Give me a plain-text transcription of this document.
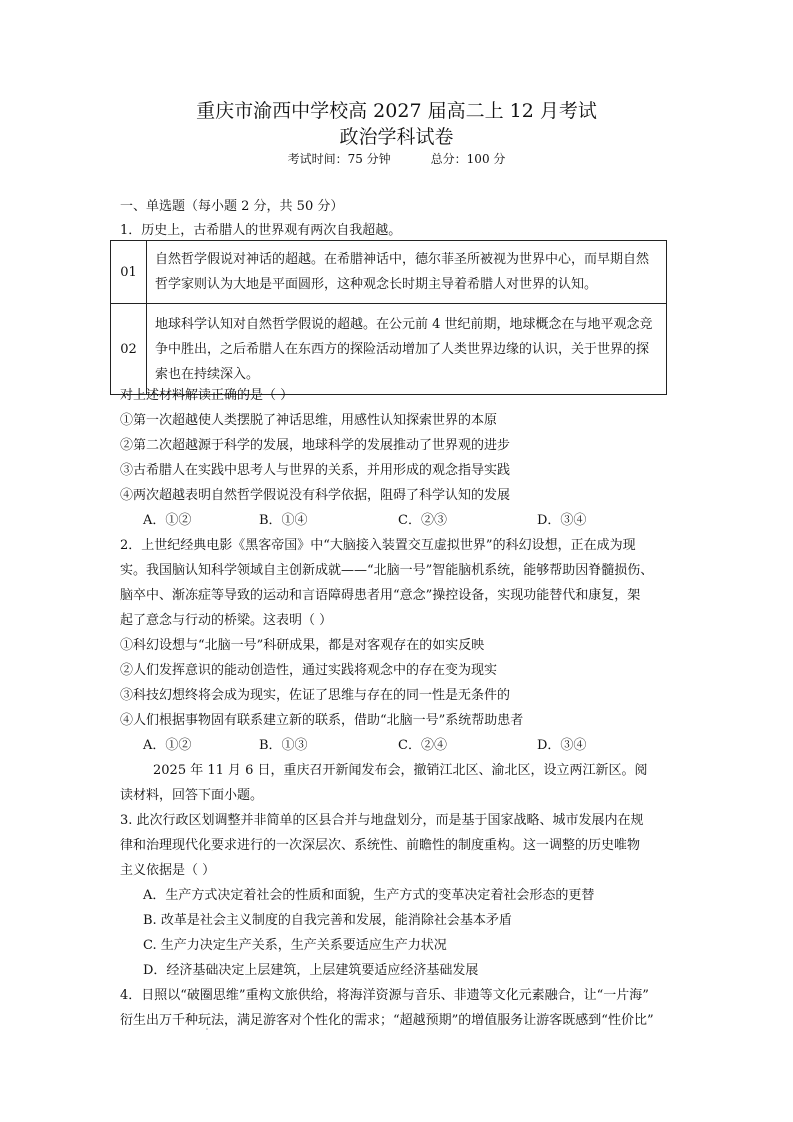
重庆市渝西中学校高 2027 届高二上 12 月考试
政治学科试卷
考试时间：75 分钟	总分：100 分
一、单选题（每小题 2 分，共 50 分）
1．历史上，古希腊人的世界观有两次自我超越。
01	自然哲学假说对神话的超越。在希腊神话中，德尔菲圣所被视为世界中心，而早期自然哲学家则认为大地是平面圆形，这种观念长时期主导着希腊人对世界的认知。
02	地球科学认知对自然哲学假说的超越。在公元前 4 世纪前期，地球概念在与地平观念竞争中胜出，之后希腊人在东西方的探险活动增加了人类世界边缘的认识，关于世界的探索也在持续深入。
对上述材料解读正确的是（ ）
①第一次超越使人类摆脱了神话思维，用感性认知探索世界的本原
②第二次超越源于科学的发展，地球科学的发展推动了世界观的进步
③古希腊人在实践中思考人与世界的关系，并用形成的观念指导实践
④两次超越表明自然哲学假说没有科学依据，阻碍了科学认知的发展
A．①②	B．①④	C．②③	D．③④
2．上世纪经典电影《黑客帝国》中“大脑接入装置交互虚拟世界”的科幻设想，正在成为现
实。我国脑认知科学领域自主创新成就——“北脑一号”智能脑机系统，能够帮助因脊髓损伤、
脑卒中、渐冻症等导致的运动和言语障碍患者用“意念”操控设备，实现功能替代和康复，架
起了意念与行动的桥梁。这表明（ ）
①科幻设想与“北脑一号”科研成果，都是对客观存在的如实反映
②人们发挥意识的能动创造性，通过实践将观念中的存在变为现实
③科技幻想终将会成为现实，佐证了思维与存在的同一性是无条件的
④人们根据事物固有联系建立新的联系，借助“北脑一号”系统帮助患者
A．①②	B．①③	C．②④	D．③④
2025 年 11 月 6 日，重庆召开新闻发布会，撤销江北区、渝北区，设立两江新区。阅
读材料，回答下面小题。
3. 此次行政区划调整并非简单的区县合并与地盘划分，而是基于国家战略、城市发展内在规
律和治理现代化要求进行的一次深层次、系统性、前瞻性的制度重构。这一调整的历史唯物
主义依据是（ ）
A．生产方式决定着社会的性质和面貌，生产方式的变革决定着社会形态的更替
B. 改革是社会主义制度的自我完善和发展，能消除社会基本矛盾
C. 生产力决定生产关系，生产关系要适应生产力状况
D．经济基础决定上层建筑，上层建筑要适应经济基础发展
4．日照以“破圈思维”重构文旅供给，将海洋资源与音乐、非遗等文化元素融合，让“一片海”
衍生出万千种玩法，满足游客对个性化的需求；“超越预期”的增值服务让游客既感到“性价比”
